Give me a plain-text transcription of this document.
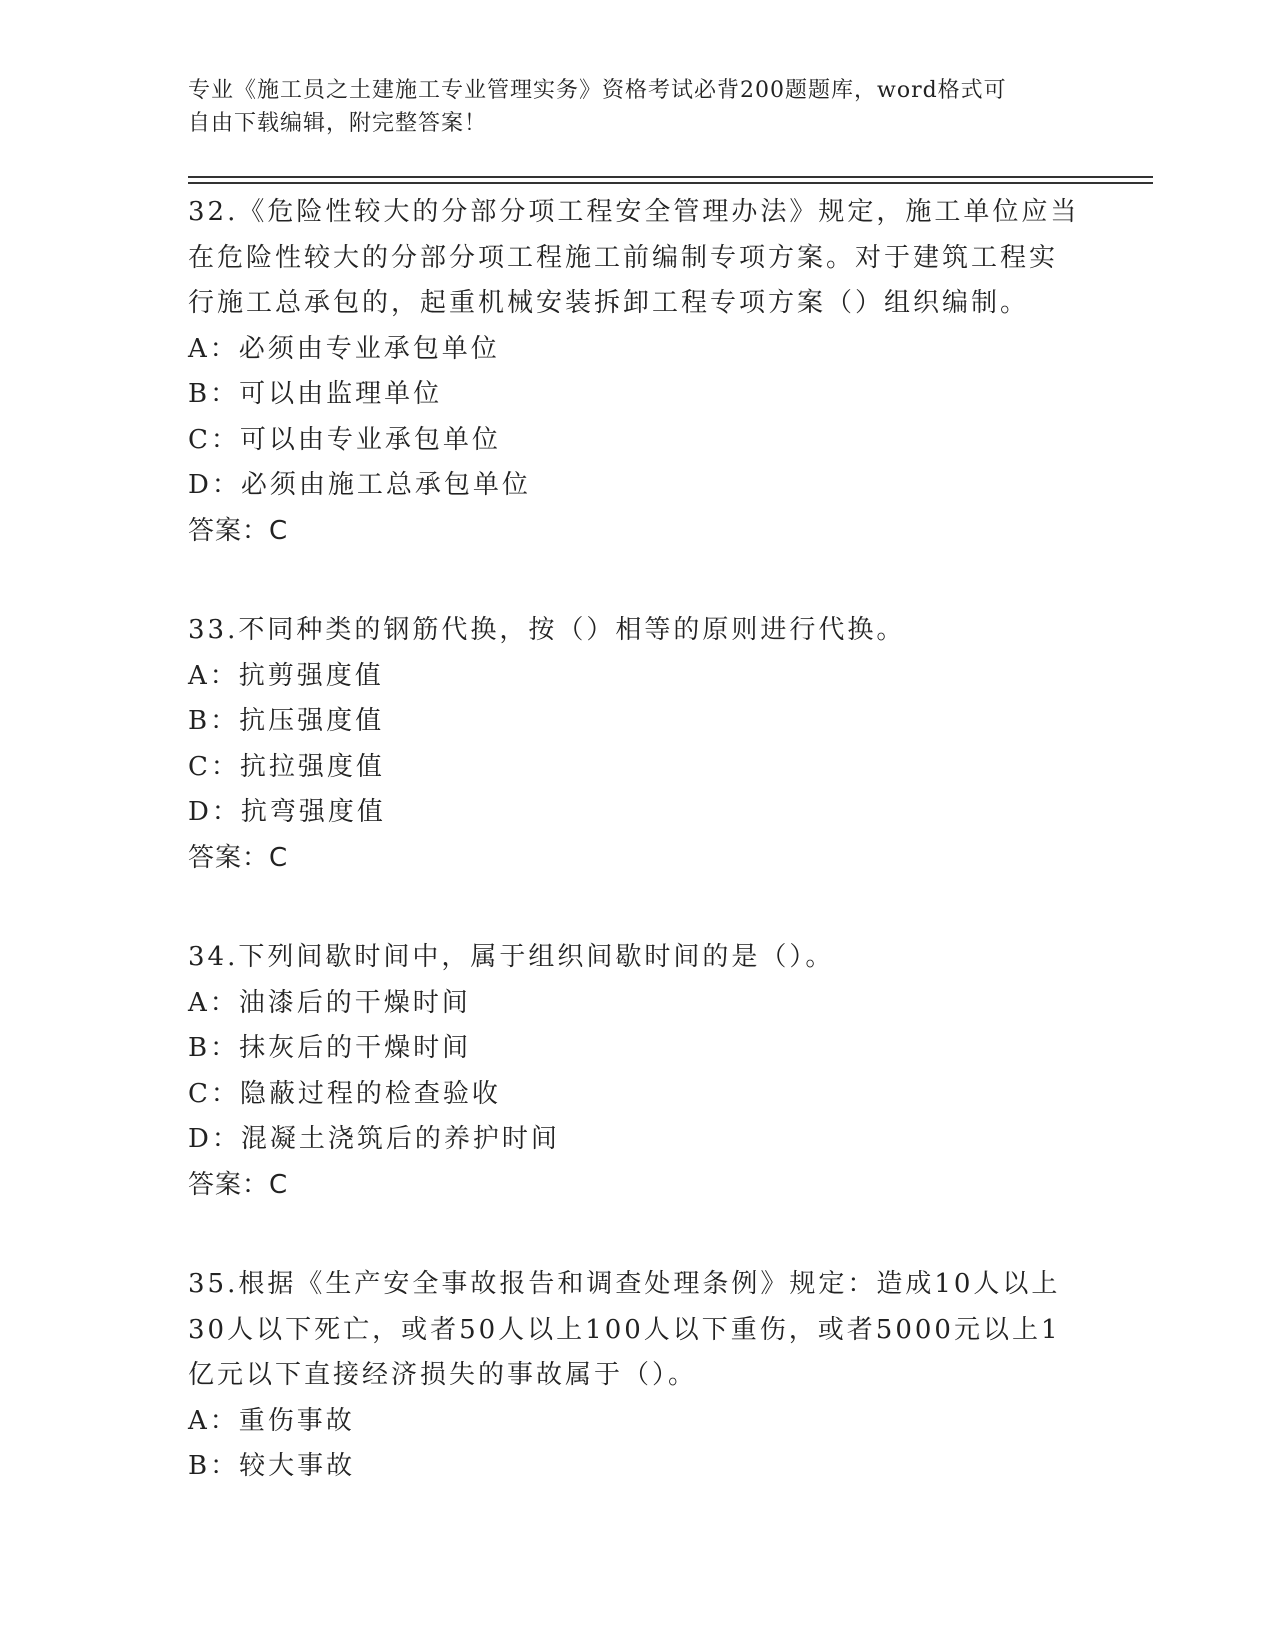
专业《施工员之土建施工专业管理实务》资格考试必背200题题库，word格式可
自由下载编辑，附完整答案！
32.《危险性较大的分部分项工程安全管理办法》规定，施工单位应当
在危险性较大的分部分项工程施工前编制专项方案。对于建筑工程实
行施工总承包的，起重机械安装拆卸工程专项方案（）组织编制。
A：必须由专业承包单位
B：可以由监理单位
C：可以由专业承包单位
D：必须由施工总承包单位
答案：C
33.不同种类的钢筋代换，按（）相等的原则进行代换。
A：抗剪强度值
B：抗压强度值
C：抗拉强度值
D：抗弯强度值
答案：C
34.下列间歇时间中，属于组织间歇时间的是（）。
A：油漆后的干燥时间
B：抹灰后的干燥时间
C：隐蔽过程的检查验收
D：混凝土浇筑后的养护时间
答案：C
35.根据《生产安全事故报告和调查处理条例》规定：造成10人以上
30人以下死亡，或者50人以上100人以下重伤，或者5000元以上1
亿元以下直接经济损失的事故属于（）。
A：重伤事故
B：较大事故
